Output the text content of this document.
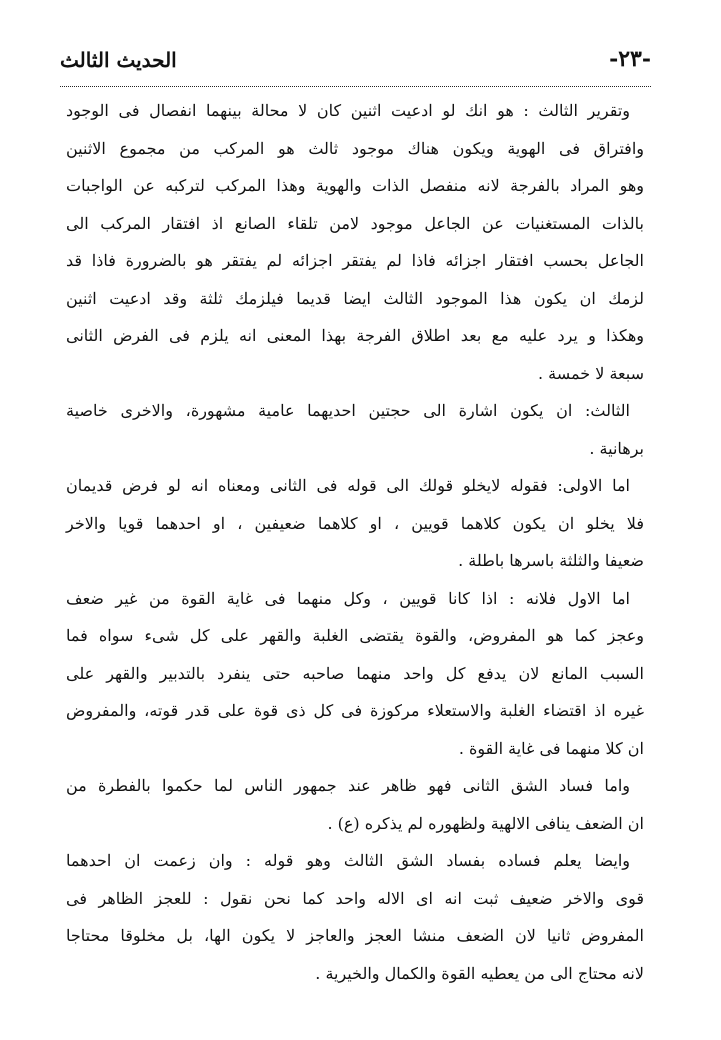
-٢٣-
الحديث الثالث
وتقرير الثالث : هو انك لو ادعيت اثنين كان لا محالة بينهما انفصال فى الوجود
وافتراق فى الهوية ويكون هناك موجود ثالث هو المركب من مجموع الاثنين
وهو المراد بالفرجة لانه منفصل الذات والهوية وهذا المركب لتركبه عن الواجبات
بالذات المستغنيات عن الجاعل موجود لامن تلقاء الصانع اذ افتقار المركب الى
الجاعل بحسب افتقار اجزائه فاذا لم يفتقر اجزائه لم يفتقر هو بالضرورة فاذا قد
لزمك ان يكون هذا الموجود الثالث ايضا قديما فيلزمك ثلثة وقد ادعيت اثنين
وهكذا و يرد عليه مع بعد اطلاق الفرجة بهذا المعنى انه يلزم فى الفرض الثانى
سبعة لا خمسة .
الثالث: ان يكون اشارة الى حجتين احديهما عامية مشهورة، والاخرى خاصية
برهانية .
اما الاولى: فقوله لايخلو قولك الى قوله فى الثانى ومعناه انه لو فرض قديمان
فلا يخلو ان يكون كلاهما قويين ، او كلاهما ضعيفين ، او احدهما قويا والاخر
ضعيفا والثلثة باسرها باطلة .
اما الاول فلانه : اذا كانا قويين ، وكل منهما فى غاية القوة من غير ضعف
وعجز كما هو المفروض، والقوة يقتضى الغلبة والقهر على كل شىء سواه فما
السبب المانع لان يدفع كل واحد منهما صاحبه حتى ينفرد بالتدبير والقهر على
غيره اذ اقتضاء الغلبة والاستعلاء مركوزة فى كل ذى قوة على قدر قوته، والمفروض
ان كلا منهما فى غاية القوة .
واما فساد الشق الثانى فهو ظاهر عند جمهور الناس لما حكموا بالفطرة من
ان الضعف ينافى الالهية ولظهوره لم يذكره (ع) .
وايضا يعلم فساده بفساد الشق الثالث وهو قوله : وان زعمت ان احدهما
قوى والاخر ضعيف ثبت انه اى الاله واحد كما نحن نقول : للعجز الظاهر فى
المفروض ثانيا لان الضعف منشا العجز والعاجز لا يكون الها، بل مخلوقا محتاجا
لانه محتاج الى من يعطيه القوة والكمال والخيرية .
